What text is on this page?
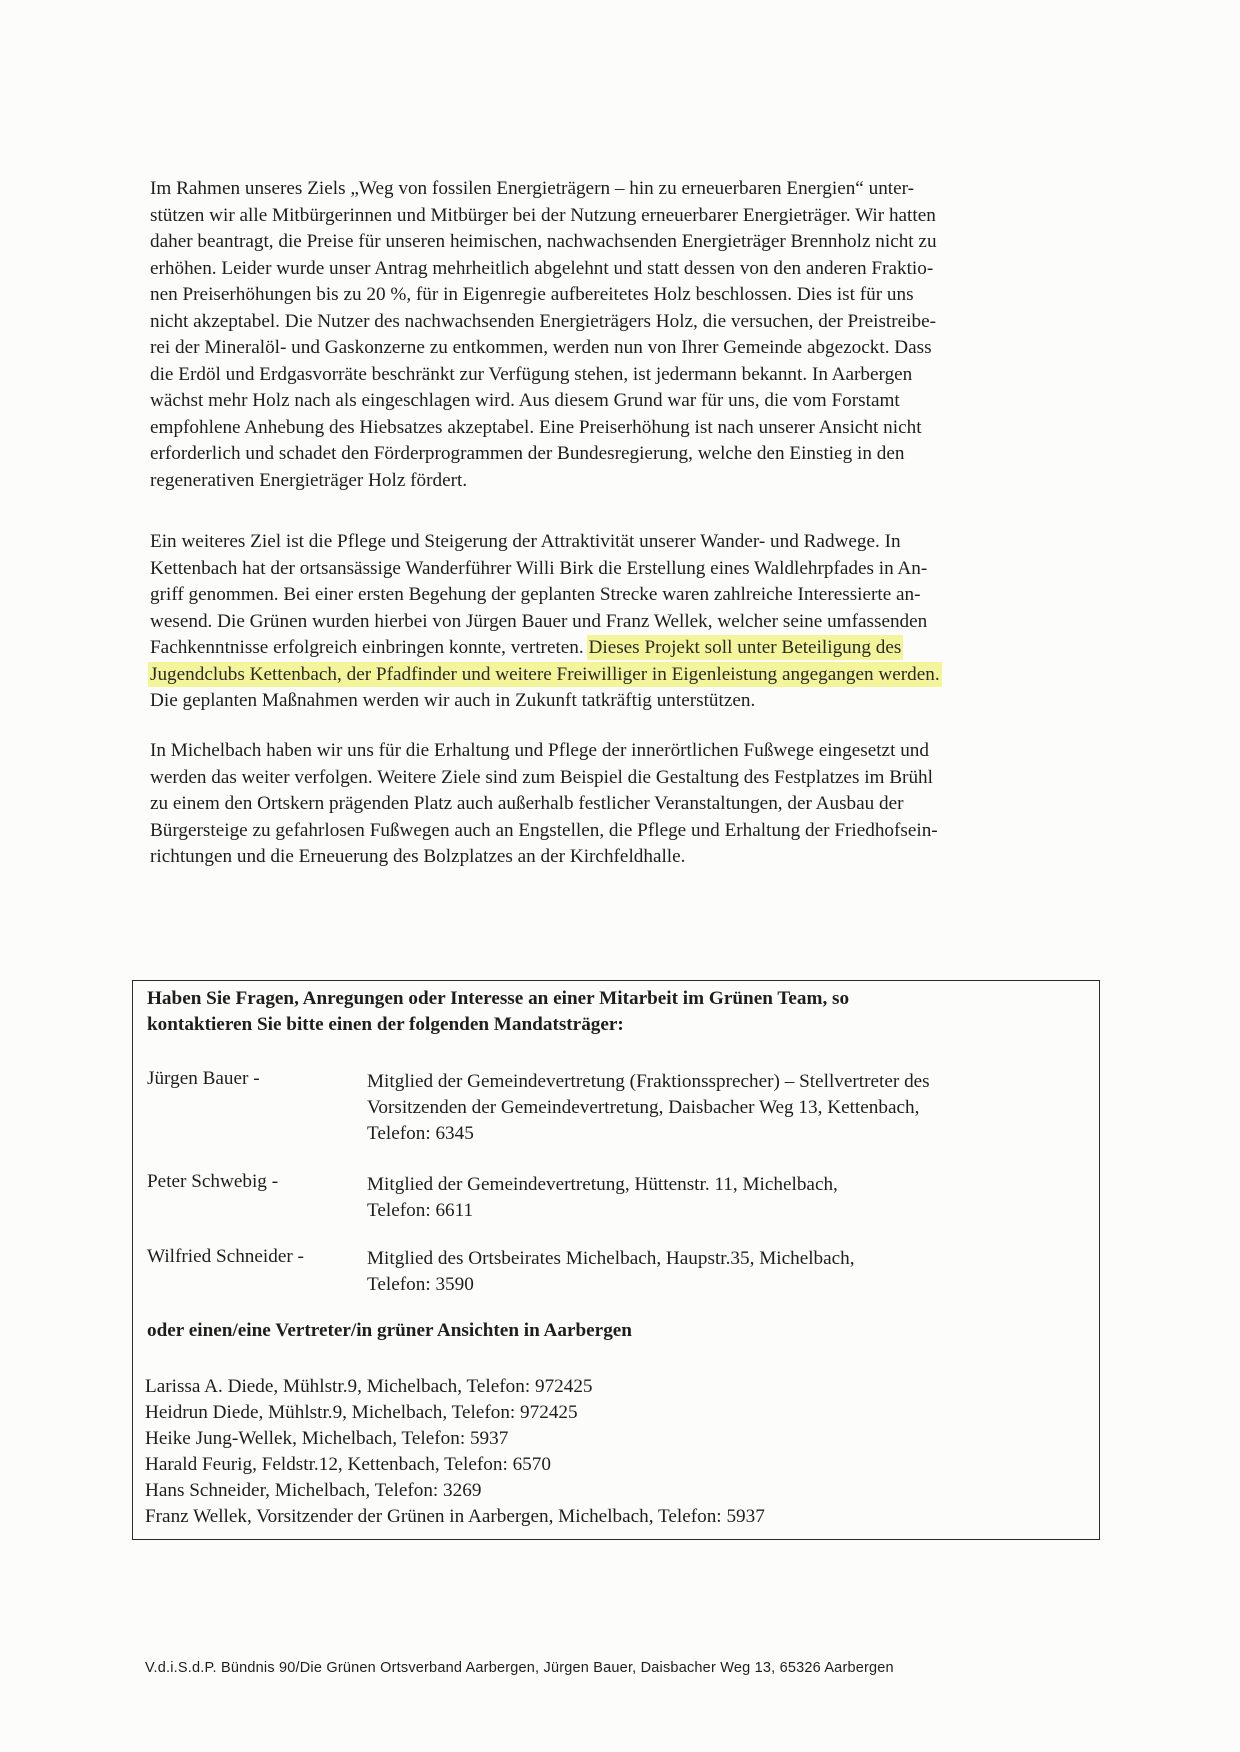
Im Rahmen unseres Ziels „Weg von fossilen Energieträgern – hin zu erneuerbaren Energien“ unter-
stützen wir alle Mitbürgerinnen und Mitbürger bei der Nutzung erneuerbarer Energieträger. Wir hatten
daher beantragt, die Preise für unseren heimischen, nachwachsenden Energieträger Brennholz nicht zu
erhöhen. Leider wurde unser Antrag mehrheitlich abgelehnt und statt dessen von den anderen Fraktio-
nen Preiserhöhungen bis zu 20 %, für in Eigenregie aufbereitetes Holz beschlossen. Dies ist für uns
nicht akzeptabel. Die Nutzer des nachwachsenden Energieträgers Holz, die versuchen, der Preistreibe-
rei der Mineralöl- und Gaskonzerne zu entkommen, werden nun von Ihrer Gemeinde abgezockt. Dass
die Erdöl und Erdgasvorräte beschränkt zur Verfügung stehen, ist jedermann bekannt. In Aarbergen
wächst mehr Holz nach als eingeschlagen wird. Aus diesem Grund war für uns, die vom Forstamt
empfohlene Anhebung des Hiebsatzes akzeptabel. Eine Preiserhöhung ist nach unserer Ansicht nicht
erforderlich und schadet den Förderprogrammen der Bundesregierung, welche den Einstieg in den
regenerativen Energieträger Holz fördert.
Ein weiteres Ziel ist die Pflege und Steigerung der Attraktivität unserer Wander- und Radwege. In
Kettenbach hat der ortsansässige Wanderführer Willi Birk die Erstellung eines Waldlehrpfades in An-
griff genommen. Bei einer ersten Begehung der geplanten Strecke waren zahlreiche Interessierte an-
wesend. Die Grünen wurden hierbei von Jürgen Bauer und Franz Wellek, welcher seine umfassenden
Fachkenntnisse erfolgreich einbringen konnte, vertreten. Dieses Projekt soll unter Beteiligung des
Jugendclubs Kettenbach, der Pfadfinder und weitere Freiwilliger in Eigenleistung angegangen werden.
Die geplanten Maßnahmen werden wir auch in Zukunft tatkräftig unterstützen.
In Michelbach haben wir uns für die Erhaltung und Pflege der innerörtlichen Fußwege eingesetzt und
werden das weiter verfolgen. Weitere Ziele sind zum Beispiel die Gestaltung des Festplatzes im Brühl
zu einem den Ortskern prägenden Platz auch außerhalb festlicher Veranstaltungen, der Ausbau der
Bürgersteige zu gefahrlosen Fußwegen auch an Engstellen, die Pflege und Erhaltung der Friedhofsein-
richtungen und die Erneuerung des Bolzplatzes an der Kirchfeldhalle.
Haben Sie Fragen, Anregungen oder Interesse an einer Mitarbeit im Grünen Team, so
kontaktieren Sie bitte einen der folgenden Mandatsträger:
Jürgen Bauer -	Mitglied der Gemeindevertretung (Fraktionssprecher) – Stellvertreter des
Vorsitzenden der Gemeindevertretung, Daisbacher Weg 13, Kettenbach,
Telefon: 6345
Peter Schwebig -	Mitglied der Gemeindevertretung, Hüttenstr. 11, Michelbach,
Telefon: 6611
Wilfried Schneider -	Mitglied des Ortsbeirates Michelbach, Haupstr.35, Michelbach,
Telefon: 3590
oder einen/eine Vertreter/in grüner Ansichten in Aarbergen
Larissa A. Diede, Mühlstr.9, Michelbach, Telefon: 972425
Heidrun Diede, Mühlstr.9, Michelbach, Telefon: 972425
Heike Jung-Wellek, Michelbach, Telefon: 5937
Harald Feurig, Feldstr.12, Kettenbach, Telefon: 6570
Hans Schneider, Michelbach, Telefon: 3269
Franz Wellek, Vorsitzender der Grünen in Aarbergen, Michelbach, Telefon: 5937
V.d.i.S.d.P. Bündnis 90/Die Grünen Ortsverband Aarbergen, Jürgen Bauer, Daisbacher Weg 13, 65326 Aarbergen
